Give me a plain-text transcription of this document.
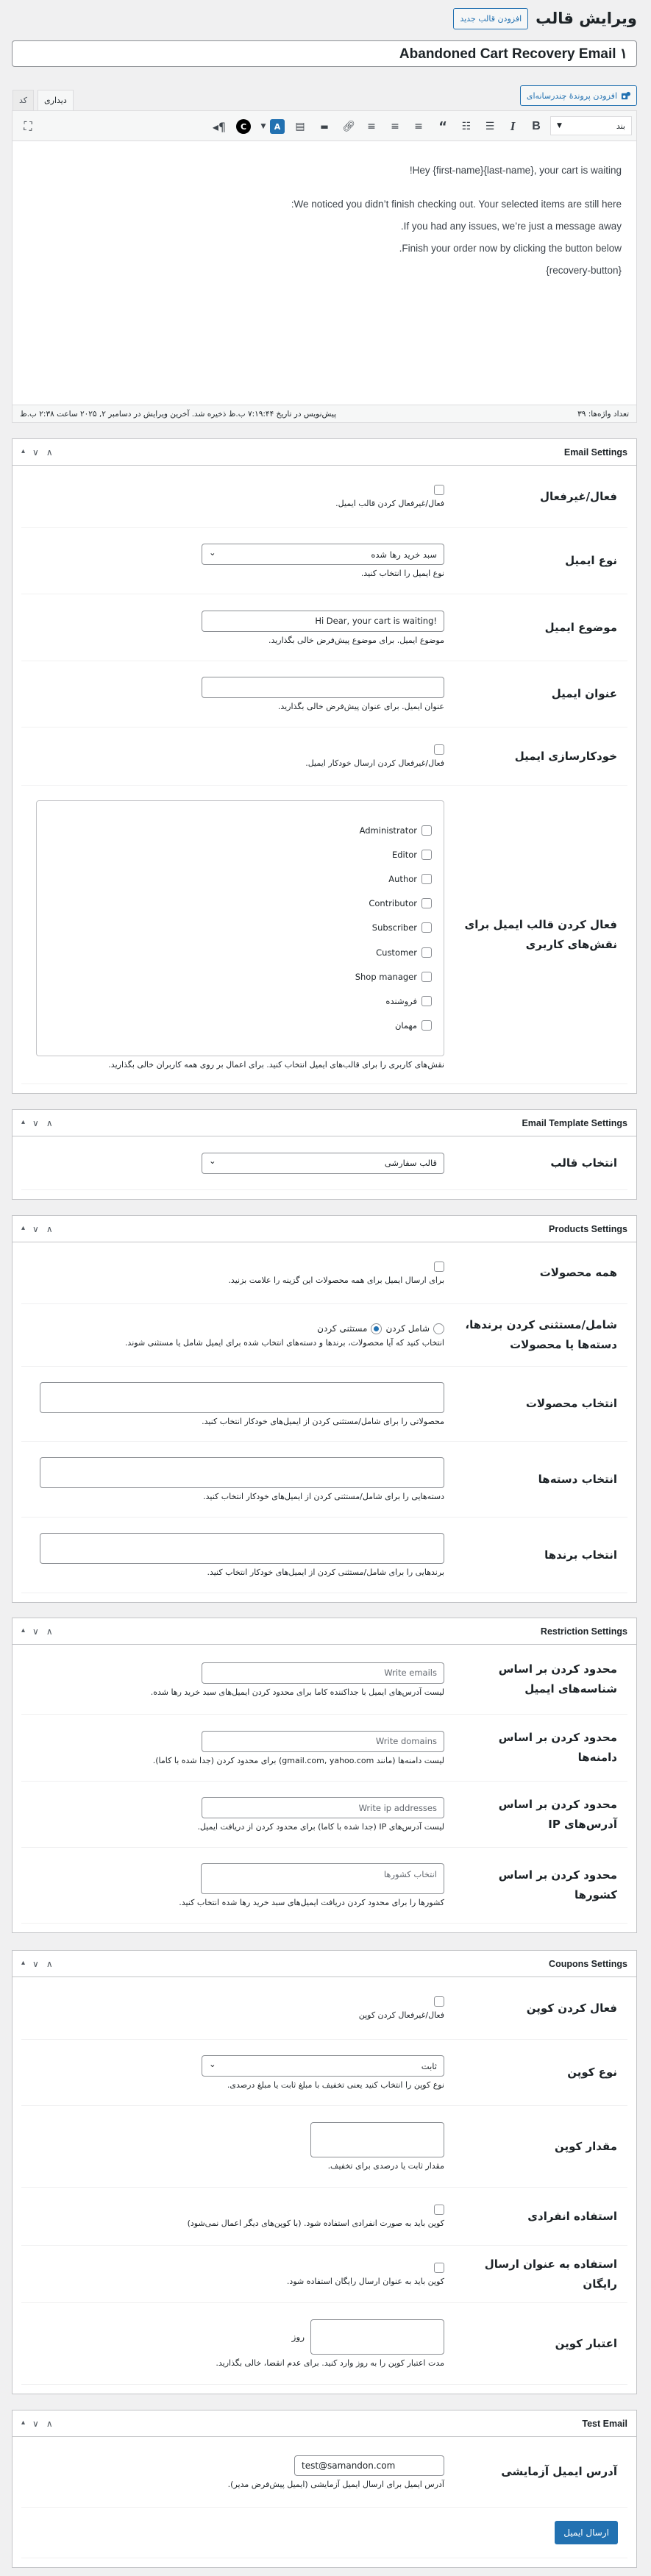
ویرایش قالب
افزودن قالب جدید
Abandoned Cart Recovery Email ۱
افزودن پروندهٔ چندرسانه‌ای
کد	دیداری
بند
▼
B
I
☰
☷
“
≡
≡
≡
🔗︎
▬
▤
A
▼
C
¶◂
⛶

!Hey {first-name}{last-name}, your cart is waiting

:We noticed you didn’t finish checking out. Your selected items are still here

.If you had any issues, we’re just a message away

.Finish your order now by clicking the button below

{recovery-button}

تعداد واژه‌ها: ۳۹
پیش‌نویس در تاریخ ۷:۱۹:۴۴ ب.ظ ذخیره شد. آخرین ویرایش در دسامبر ۲, ۲۰۲۵ ساعت ۲:۳۸ ب.ظ
Email Settings
▴ ∨ ∧
فعال/غیرفعال
فعال/غیرفعال کردن قالب ایمیل.
نوع ایمیل
سبد خرید رها شده
⌄
نوع ایمیل را انتخاب کنید.
موضوع ایمیل
Hi Dear, your cart is waiting!
موضوع ایمیل. برای موضوع پیش‌فرض خالی بگذارید.
عنوان ایمیل
عنوان ایمیل. برای عنوان پیش‌فرض خالی بگذارید.
خودکارسازی ایمیل
فعال/غیرفعال کردن ارسال خودکار ایمیل.
فعال کردن قالب ایمیل برای نقش‌های کاربری
Administrator
Editor
Author
Contributor
Subscriber
Customer
Shop manager
فروشنده
مهمان
نقش‌های کاربری را برای قالب‌های ایمیل انتخاب کنید. برای اعمال بر روی همه کاربران خالی بگذارید.
Email Template Settings
▴ ∨ ∧
انتخاب قالب
قالب سفارشی
⌄
Products Settings
▴ ∨ ∧
همه محصولات
برای ارسال ایمیل برای همه محصولات این گزینه را علامت بزنید.
شامل/مستثنی کردن برندها، دسته‌ها یا محصولات
شامل کردن
مستثنی کردن
انتخاب کنید که آیا محصولات، برندها و دسته‌های انتخاب شده برای ایمیل شامل یا مستثنی شوند.
انتخاب محصولات
محصولاتی را برای شامل/مستثنی کردن از ایمیل‌های خودکار انتخاب کنید.
انتخاب دسته‌ها
دسته‌هایی را برای شامل/مستثنی کردن از ایمیل‌های خودکار انتخاب کنید.
انتخاب برندها
برندهایی را برای شامل/مستثنی کردن از ایمیل‌های خودکار انتخاب کنید.
Restriction Settings
▴ ∨ ∧
محدود کردن بر اساس شناسه‌های ایمیل
Write emails
لیست آدرس‌های ایمیل با جداکننده کاما برای محدود کردن ایمیل‌های سبد خرید رها شده.
محدود کردن بر اساس دامنه‌ها
Write domains
لیست دامنه‌ها (مانند gmail.com, yahoo.com) برای محدود کردن (جدا شده با کاما).
محدود کردن بر اساس آدرس‌های IP
Write ip addresses
لیست آدرس‌های IP (جدا شده با کاما) برای محدود کردن از دریافت ایمیل.
محدود کردن بر اساس کشورها
انتخاب کشورها
کشورها را برای محدود کردن دریافت ایمیل‌های سبد خرید رها شده انتخاب کنید.
Coupons Settings
▴ ∨ ∧
فعال کردن کوپن
فعال/غیرفعال کردن کوپن
نوع کوپن
ثابت
⌄
نوع کوپن را انتخاب کنید یعنی تخفیف با مبلغ ثابت یا مبلغ درصدی.
مقدار کوپن
مقدار ثابت یا درصدی برای تخفیف.
استفاده انفرادی
کوپن باید به صورت انفرادی استفاده شود. (با کوپن‌های دیگر اعمال نمی‌شود)
استفاده به عنوان ارسال رایگان
کوپن باید به عنوان ارسال رایگان استفاده شود.
اعتبار کوپن
روز
مدت اعتبار کوپن را به روز وارد کنید. برای عدم انقضا، خالی بگذارید.
Test Email
▴ ∨ ∧
آدرس ایمیل آزمایشی
test@samandon.com
آدرس ایمیل برای ارسال ایمیل آزمایشی (ایمیل پیش‌فرض مدیر).
ارسال ایمیل
